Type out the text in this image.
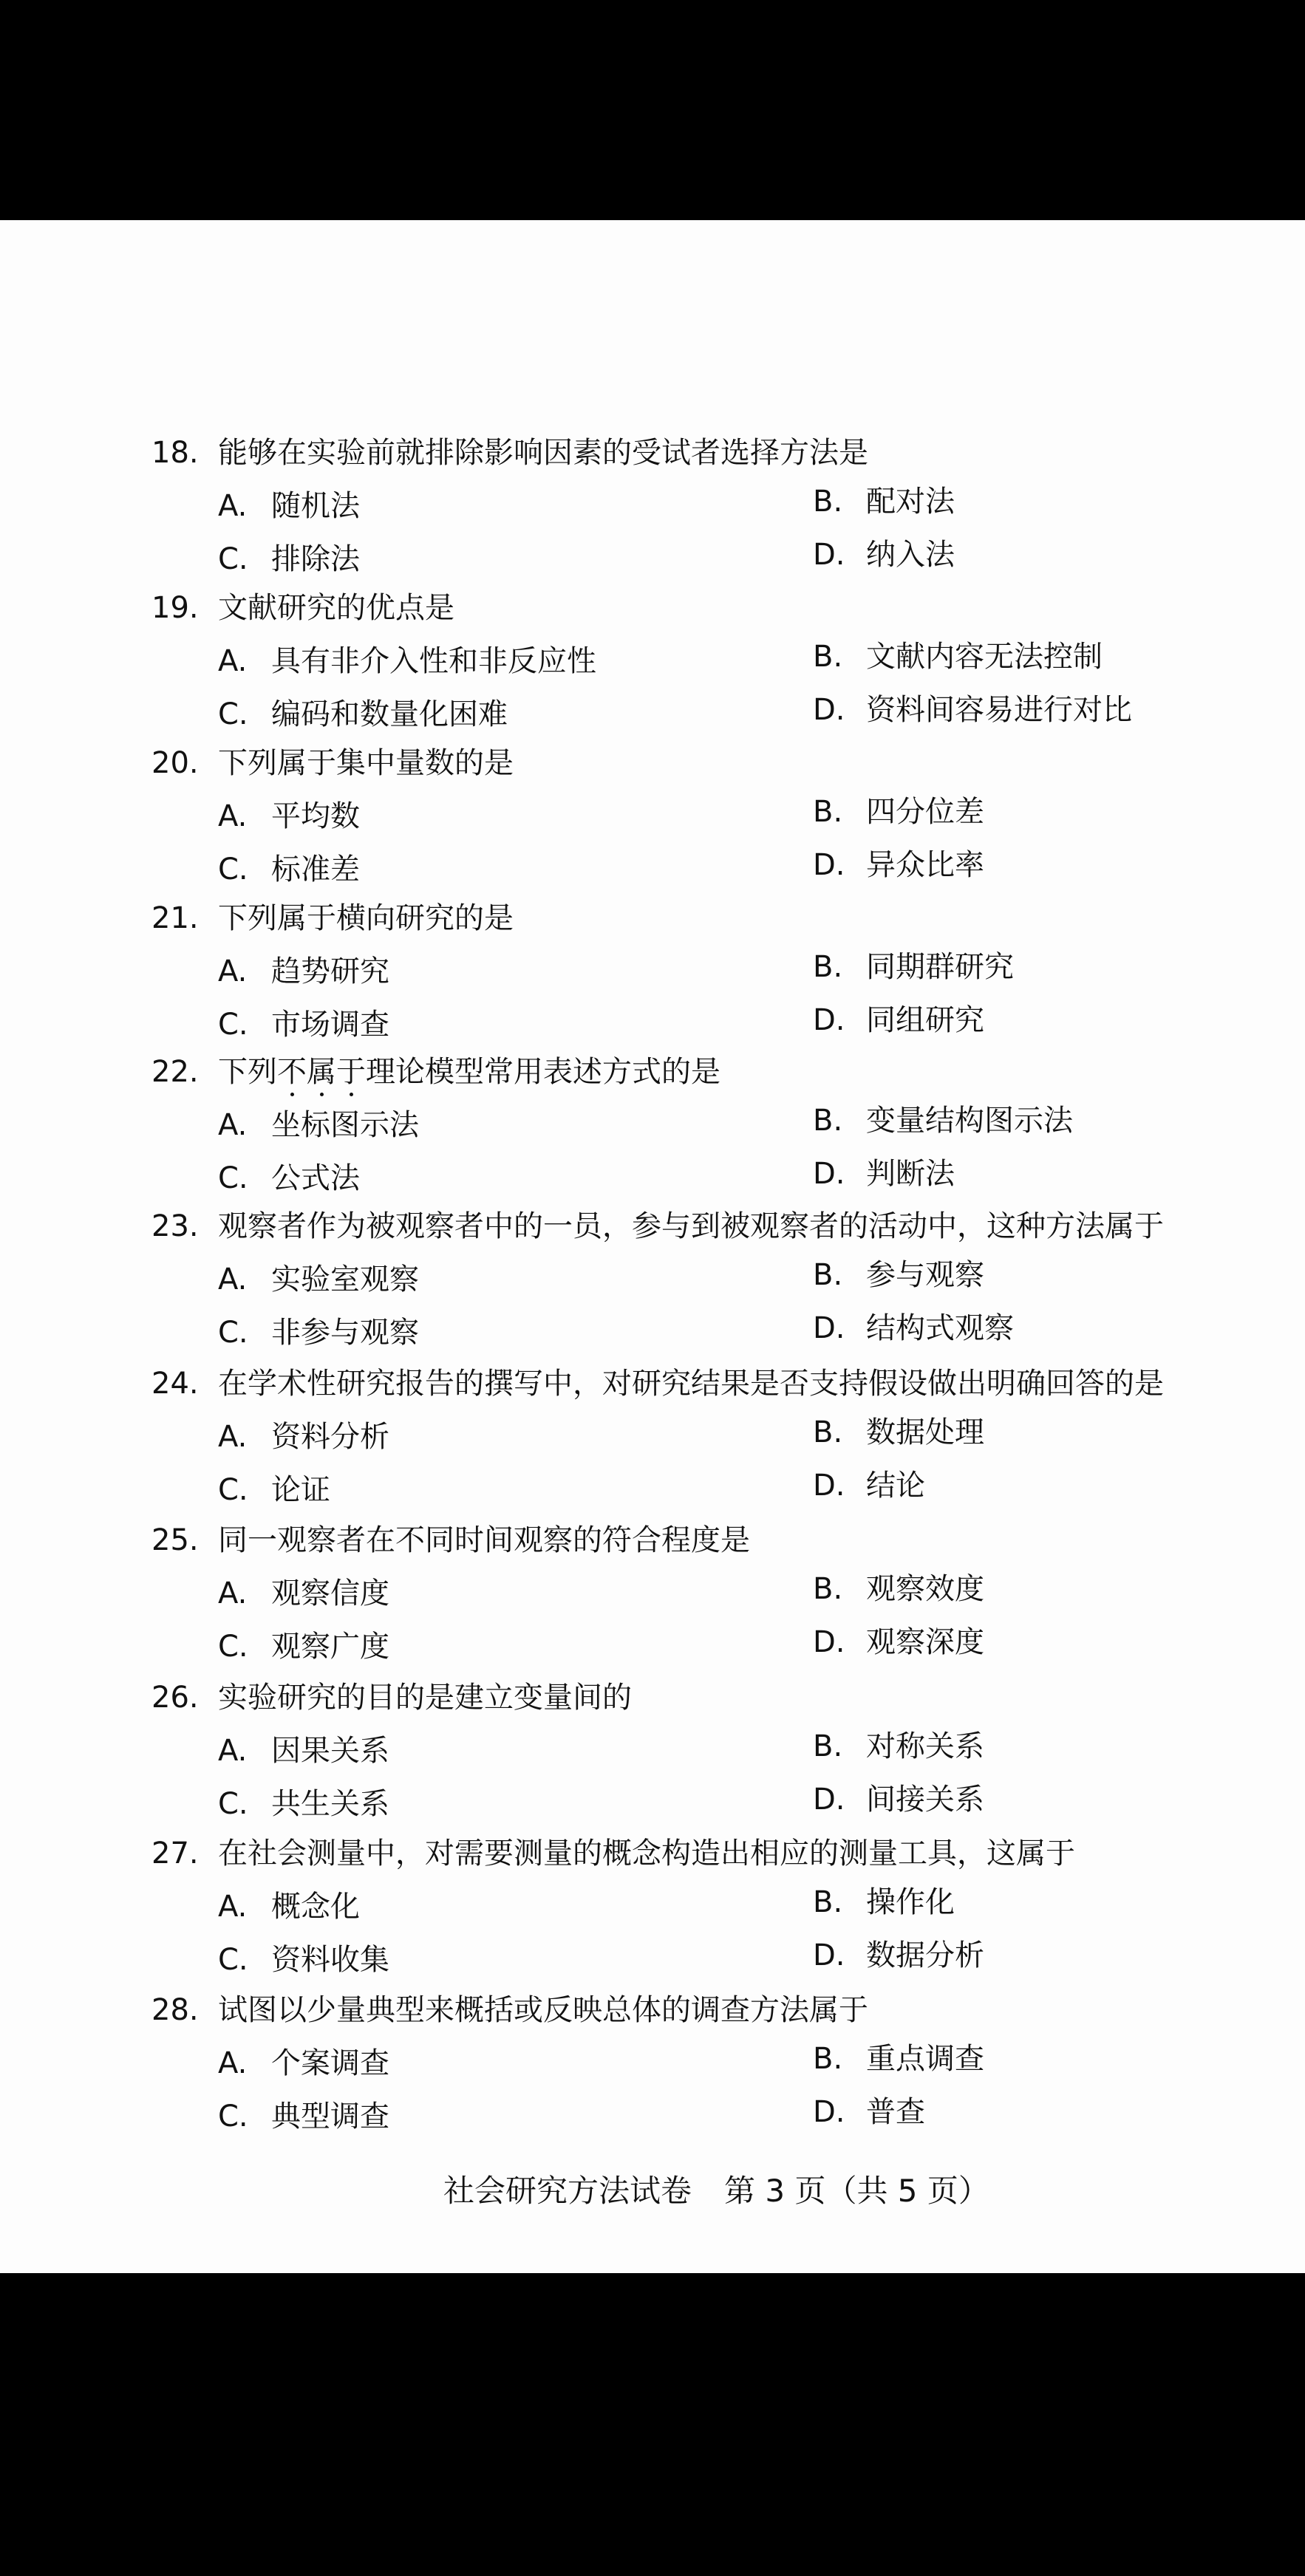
18. 能够在实验前就排除影响因素的受试者选择方法是
A. 随机法	B. 配对法
C. 排除法	D. 纳入法
19. 文献研究的优点是
A. 具有非介入性和非反应性	B. 文献内容无法控制
C. 编码和数量化困难	D. 资料间容易进行对比
20. 下列属于集中量数的是
A. 平均数	B. 四分位差
C. 标准差	D. 异众比率
21. 下列属于横向研究的是
A. 趋势研究	B. 同期群研究
C. 市场调查	D. 同组研究
22. 下列不属于理论模型常用表述方式的是
A. 坐标图示法	B. 变量结构图示法
C. 公式法	D. 判断法
23. 观察者作为被观察者中的一员，参与到被观察者的活动中，这种方法属于
A. 实验室观察	B. 参与观察
C. 非参与观察	D. 结构式观察
24. 在学术性研究报告的撰写中，对研究结果是否支持假设做出明确回答的是
A. 资料分析	B. 数据处理
C. 论证	D. 结论
25. 同一观察者在不同时间观察的符合程度是
A. 观察信度	B. 观察效度
C. 观察广度	D. 观察深度
26. 实验研究的目的是建立变量间的
A. 因果关系	B. 对称关系
C. 共生关系	D. 间接关系
27. 在社会测量中，对需要测量的概念构造出相应的测量工具，这属于
A. 概念化	B. 操作化
C. 资料收集	D. 数据分析
28. 试图以少量典型来概括或反映总体的调查方法属于
A. 个案调查	B. 重点调查
C. 典型调查	D. 普查
社会研究方法试卷 第 3 页（共 5 页）
